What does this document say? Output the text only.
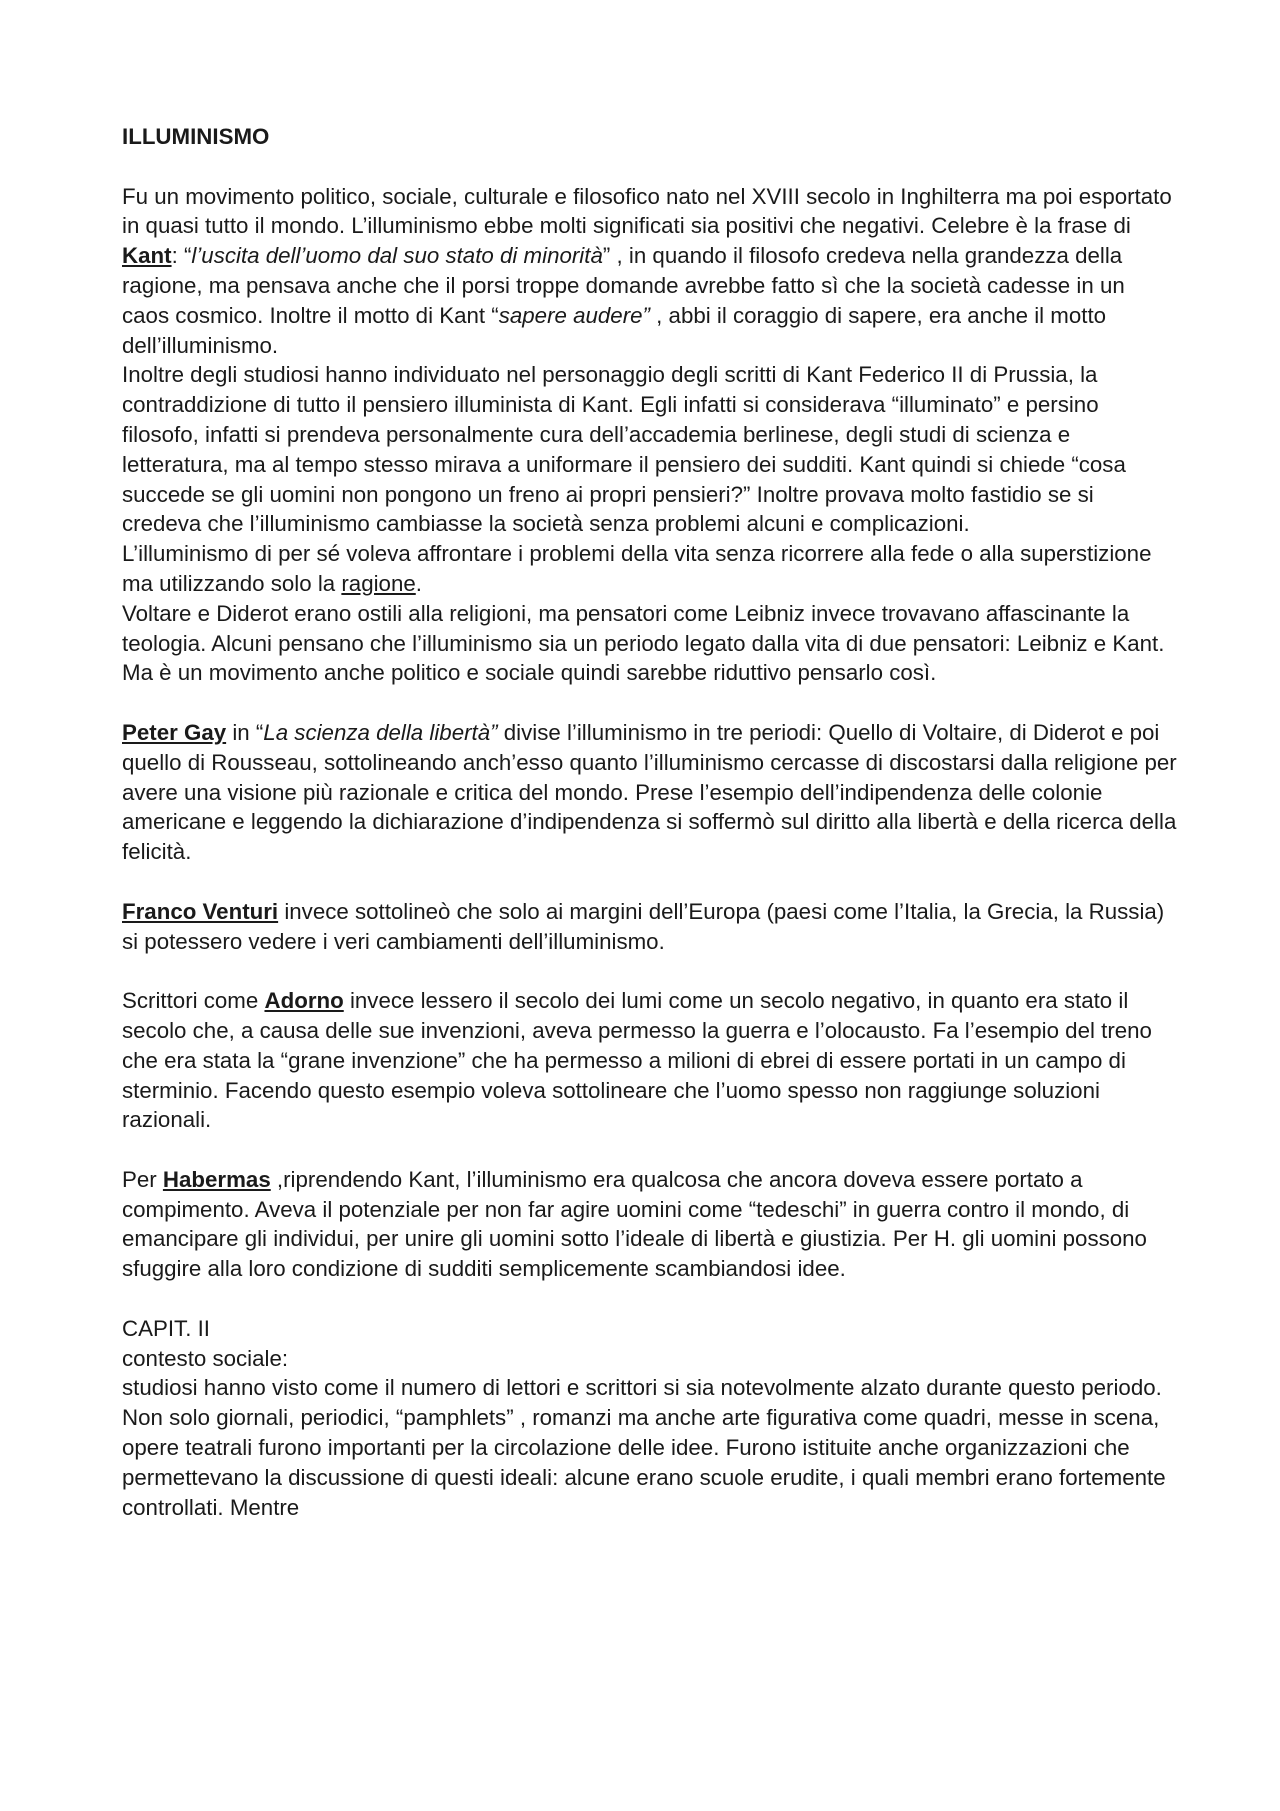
ILLUMINISMO

Fu un movimento politico, sociale, culturale e filosofico nato nel XVIII secolo in Inghilterra ma poi esportato in quasi tutto il mondo. L’illuminismo ebbe molti significati sia positivi che negativi. Celebre è la frase di Kant: “l’uscita dell’uomo dal suo stato di minorità” , in quando il filosofo credeva nella grandezza della ragione, ma pensava anche che il porsi troppe domande avrebbe fatto sì che la società cadesse in un caos cosmico. Inoltre il motto di Kant “sapere audere” , abbi il coraggio di sapere, era anche il motto dell’illuminismo.

Inoltre degli studiosi hanno individuato nel personaggio degli scritti di Kant Federico II di Prussia, la contraddizione di tutto il pensiero illuminista di Kant. Egli infatti si considerava “illuminato” e persino filosofo, infatti si prendeva personalmente cura dell’accademia berlinese, degli studi di scienza e letteratura, ma al tempo stesso mirava a uniformare il pensiero dei sudditi. Kant quindi si chiede “cosa succede se gli uomini non pongono un freno ai propri pensieri?” Inoltre provava molto fastidio se si credeva che l’illuminismo cambiasse la società senza problemi alcuni e complicazioni.

L’illuminismo di per sé voleva affrontare i problemi della vita senza ricorrere alla fede o alla superstizione ma utilizzando solo la ragione.

Voltare e Diderot erano ostili alla religioni, ma pensatori come Leibniz invece trovavano affascinante la teologia. Alcuni pensano che l’illuminismo sia un periodo legato dalla vita di due pensatori: Leibniz e Kant. Ma è un movimento anche politico e sociale quindi sarebbe riduttivo pensarlo così.

Peter Gay in “La scienza della libertà” divise l’illuminismo in tre periodi: Quello di Voltaire, di Diderot e poi quello di Rousseau, sottolineando anch’esso quanto l’illuminismo cercasse di discostarsi dalla religione per avere una visione più razionale e critica del mondo. Prese l’esempio dell’indipendenza delle colonie americane e leggendo la dichiarazione d’indipendenza si soffermò sul diritto alla libertà e della ricerca della felicità.

Franco Venturi invece sottolineò che solo ai margini dell’Europa (paesi come l’Italia, la Grecia, la Russia) si potessero vedere i veri cambiamenti dell’illuminismo.

Scrittori come Adorno invece lessero il secolo dei lumi come un secolo negativo, in quanto era stato il secolo che, a causa delle sue invenzioni, aveva permesso la guerra e l’olocausto. Fa l’esempio del treno che era stata la “grane invenzione” che ha permesso a milioni di ebrei di essere portati in un campo di sterminio. Facendo questo esempio voleva sottolineare che l’uomo spesso non raggiunge soluzioni razionali.

Per Habermas ,riprendendo Kant, l’illuminismo era qualcosa che ancora doveva essere portato a compimento. Aveva il potenziale per non far agire uomini come “tedeschi” in guerra contro il mondo, di emancipare gli individui, per unire gli uomini sotto l’ideale di libertà e giustizia. Per H. gli uomini possono sfuggire alla loro condizione di sudditi semplicemente scambiandosi idee.

CAPIT. II

contesto sociale:

studiosi hanno visto come il numero di lettori e scrittori si sia notevolmente alzato durante questo periodo. Non solo giornali, periodici, “pamphlets” , romanzi ma anche arte figurativa come quadri, messe in scena, opere teatrali furono importanti per la circolazione delle idee. Furono istituite anche organizzazioni che permettevano la discussione di questi ideali: alcune erano scuole erudite, i quali membri erano fortemente controllati. Mentre
